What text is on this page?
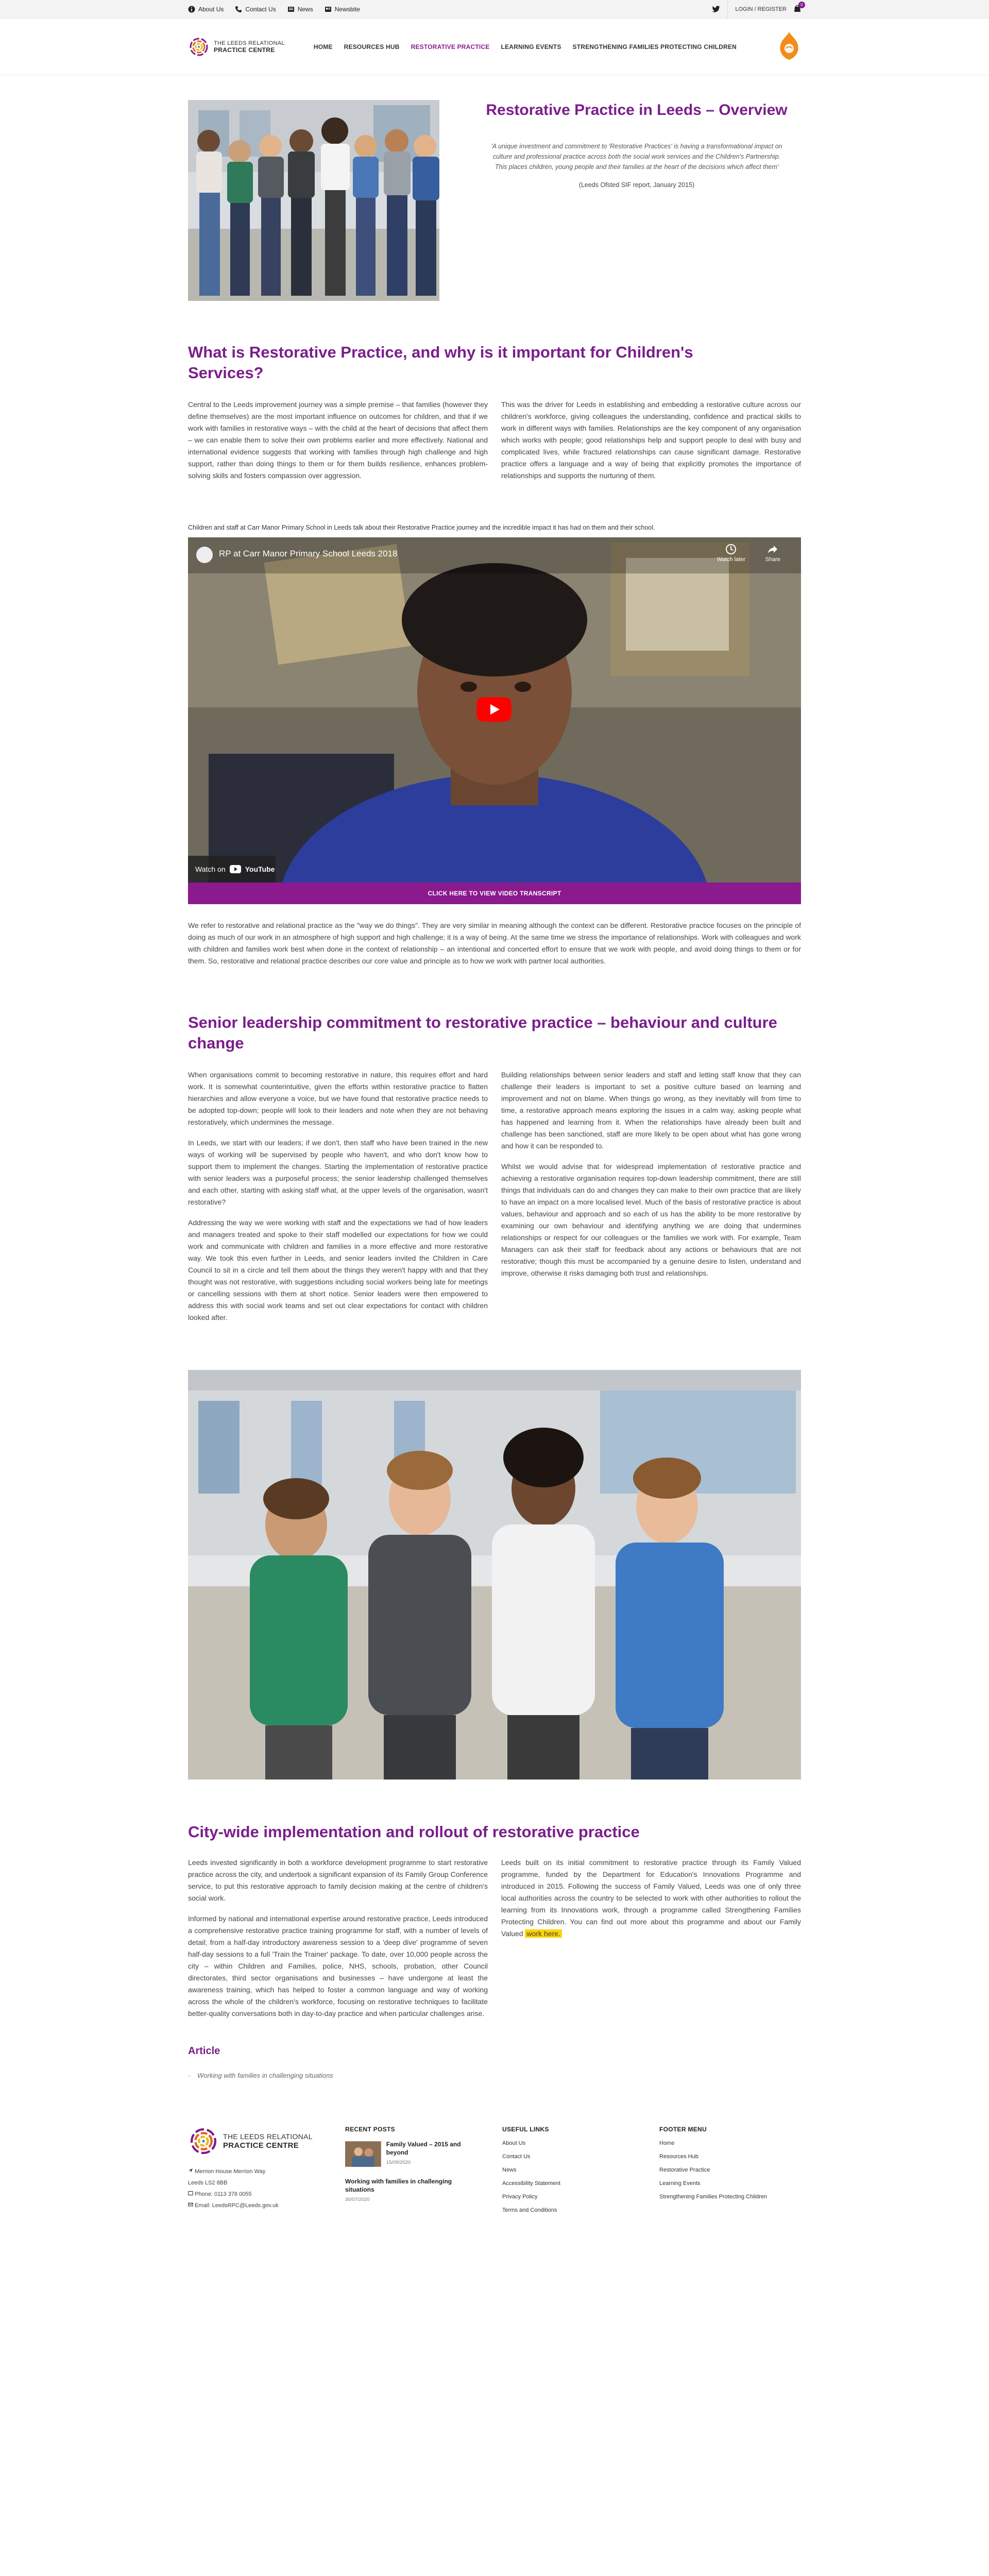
About Us	Contact Us	News	Newsbite	LOGIN / REGISTER
0
THE LEEDS RELATIONAL
PRACTICE CENTRE	HOME RESOURCES HUB RESTORATIVE PRACTICE LEARNING EVENTS STRENGTHENING FAMILIES PROTECTING CHILDREN
Restorative Practice in Leeds – Overview

'A unique investment and commitment to 'Restorative Practices' is having a transformational impact on culture and professional practice across both the social work services and the Children's Partnership. This places children, young people and their families at the heart of the decisions which affect them'

(Leeds Ofsted SIF report, January 2015)

What is Restorative Practice, and why is it important for Children's Services?

Central to the Leeds improvement journey was a simple premise – that families (however they define themselves) are the most important influence on outcomes for children, and that if we work with families in restorative ways – with the child at the heart of decisions that affect them – we can enable them to solve their own problems earlier and more effectively. National and international evidence suggests that working with families through high challenge and high support, rather than doing things to them or for them builds resilience, enhances problem-solving skills and fosters compassion over aggression.

This was the driver for Leeds in establishing and embedding a restorative culture across our children's workforce, giving colleagues the understanding, confidence and practical skills to work in different ways with families. Relationships are the key component of any organisation which works with people; good relationships help and support people to deal with busy and complicated lives, while fractured relationships can cause significant damage. Restorative practice offers a language and a way of being that explicitly promotes the importance of relationships and supports the nurturing of them.

Children and staff at Carr Manor Primary School in Leeds talk about their Restorative Practice journey and the incredible impact it has had on them and their school.

RP at Carr Manor Primary School Leeds 2018
Watch later	Share
Watch on	YouTube
CLICK HERE TO VIEW VIDEO TRANSCRIPT

We refer to restorative and relational practice as the "way we do things". They are very similar in meaning although the context can be different. Restorative practice focuses on the principle of doing as much of our work in an atmosphere of high support and high challenge; it is a way of being. At the same time we stress the importance of relationships. Work with colleagues and work with children and families work best when done in the context of relationship – an intentional and concerted effort to ensure that we work with people, and avoid doing things to them or for them. So, restorative and relational practice describes our core value and principle as to how we work with partner local authorities.

Senior leadership commitment to restorative practice – behaviour and culture change

When organisations commit to becoming restorative in nature, this requires effort and hard work. It is somewhat counterintuitive, given the efforts within restorative practice to flatten hierarchies and allow everyone a voice, but we have found that restorative practice needs to be adopted top-down; people will look to their leaders and note when they are not behaving restoratively, which undermines the message.

In Leeds, we start with our leaders; if we don't, then staff who have been trained in the new ways of working will be supervised by people who haven't, and who don't know how to support them to implement the changes. Starting the implementation of restorative practice with senior leaders was a purposeful process; the senior leadership challenged themselves and each other, starting with asking staff what, at the upper levels of the organisation, wasn't restorative?

Addressing the way we were working with staff and the expectations we had of how leaders and managers treated and spoke to their staff modelled our expectations for how we could work and communicate with children and families in a more effective and more restorative way. We took this even further in Leeds, and senior leaders invited the Children in Care Council to sit in a circle and tell them about the things they weren't happy with and that they thought was not restorative, with suggestions including social workers being late for meetings or cancelling sessions with them at short notice. Senior leaders were then empowered to address this with social work teams and set out clear expectations for contact with children looked after.

Building relationships between senior leaders and staff and letting staff know that they can challenge their leaders is important to set a positive culture based on learning and improvement and not on blame. When things go wrong, as they inevitably will from time to time, a restorative approach means exploring the issues in a calm way, asking people what has happened and learning from it. When the relationships have already been built and challenge has been sanctioned, staff are more likely to be open about what has gone wrong and how it can be responded to.

Whilst we would advise that for widespread implementation of restorative practice and achieving a restorative organisation requires top-down leadership commitment, there are still things that individuals can do and changes they can make to their own practice that are likely to have an impact on a more localised level. Much of the basis of restorative practice is about values, behaviour and approach and so each of us has the ability to be more restorative by examining our own behaviour and identifying anything we are doing that undermines relationships or respect for our colleagues or the families we work with. For example, Team Managers can ask their staff for feedback about any actions or behaviours that are not restorative; though this must be accompanied by a genuine desire to listen, understand and improve, otherwise it risks damaging both trust and relationships.

City-wide implementation and rollout of restorative practice

Leeds invested significantly in both a workforce development programme to start restorative practice across the city, and undertook a significant expansion of its Family Group Conference service, to put this restorative approach to family decision making at the centre of children's social work.

Informed by national and international expertise around restorative practice, Leeds introduced a comprehensive restorative practice training programme for staff, with a number of levels of detail; from a half-day introductory awareness session to a 'deep dive' programme of seven half-day sessions to a full 'Train the Trainer' package. To date, over 10,000 people across the city – within Children and Families, police, NHS, schools, probation, other Council directorates, third sector organisations and businesses – have undergone at least the awareness training, which has helped to foster a common language and way of working across the whole of the children's workforce, focusing on restorative techniques to facilitate better-quality conversations both in day-to-day practice and when particular challenges arise.

Leeds built on its initial commitment to restorative practice through its Family Valued programme, funded by the Department for Education's Innovations Programme and introduced in 2015. Following the success of Family Valued, Leeds was one of only three local authorities across the country to be selected to work with other authorities to rollout the learning from its Innovations work, through a programme called Strengthening Families Protecting Children. You can find out more about this programme and about our Family Valued work here.

Article
- Working with families in challenging situations
THE LEEDS RELATIONAL
PRACTICE CENTRE
Merrion House Merrion Way
Leeds LS2 8BB
Phone: 0113 378 0055
Email: LeedsRPC@Leeds.gov.uk
RECENT POSTS
Family Valued – 2015 and beyond
15/09/2020
Working with families in challenging situations
30/07/2020
USEFUL LINKS
About Us
Contact Us
News
Accessibility Statement
Privacy Policy
Terms and Conditions
FOOTER MENU
Home
Resources Hub
Restorative Practice
Learning Events
Strengthening Families Protecting Children
